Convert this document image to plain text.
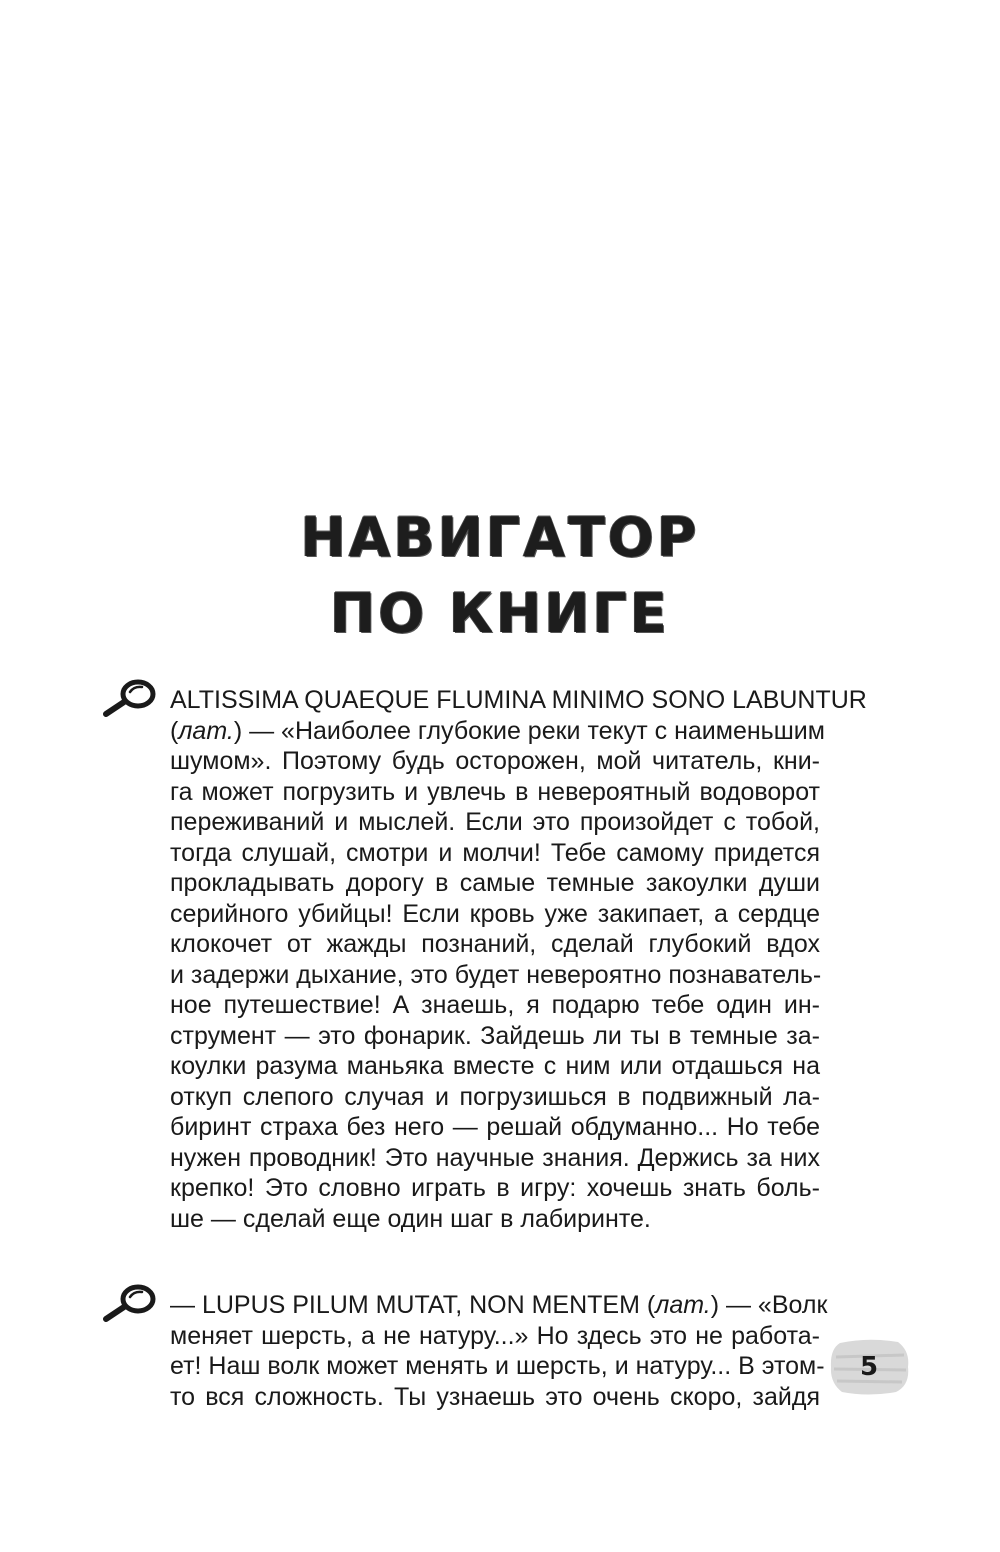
НАВИГАТОР
ПО КНИГЕ
ALTISSIMA QUAEQUE FLUMINA MINIMO SONO LABUNTUR
(лат.) — «Наиболее глубокие реки текут с наименьшим
шумом». Поэтому будь осторожен, мой читатель, кни-
га может погрузить и увлечь в невероятный водоворот
переживаний и мыслей. Если это произойдет с тобой,
тогда слушай, смотри и молчи! Тебе самому придется
прокладывать дорогу в самые темные закоулки души
серийного убийцы! Если кровь уже закипает, а сердце
клокочет от жажды познаний, сделай глубокий вдох
и задержи дыхание, это будет невероятно познаватель-
ное путешествие! А знаешь, я подарю тебе один ин-
струмент — это фонарик. Зайдешь ли ты в темные за-
коулки разума маньяка вместе с ним или отдашься на
откуп слепого случая и погрузишься в подвижный ла-
биринт страха без него — решай обдуманно... Но тебе
нужен проводник! Это научные знания. Держись за них
крепко! Это словно играть в игру: хочешь знать боль-
ше — сделай еще один шаг в лабиринте.
— LUPUS PILUM MUTAT, NON MENTEM (лат.) — «Волк
меняет шерсть, а не натуру...» Но здесь это не работа-
ет! Наш волк может менять и шерсть, и натуру... В этом-
то вся сложность. Ты узнаешь это очень скоро, зайдя
5
